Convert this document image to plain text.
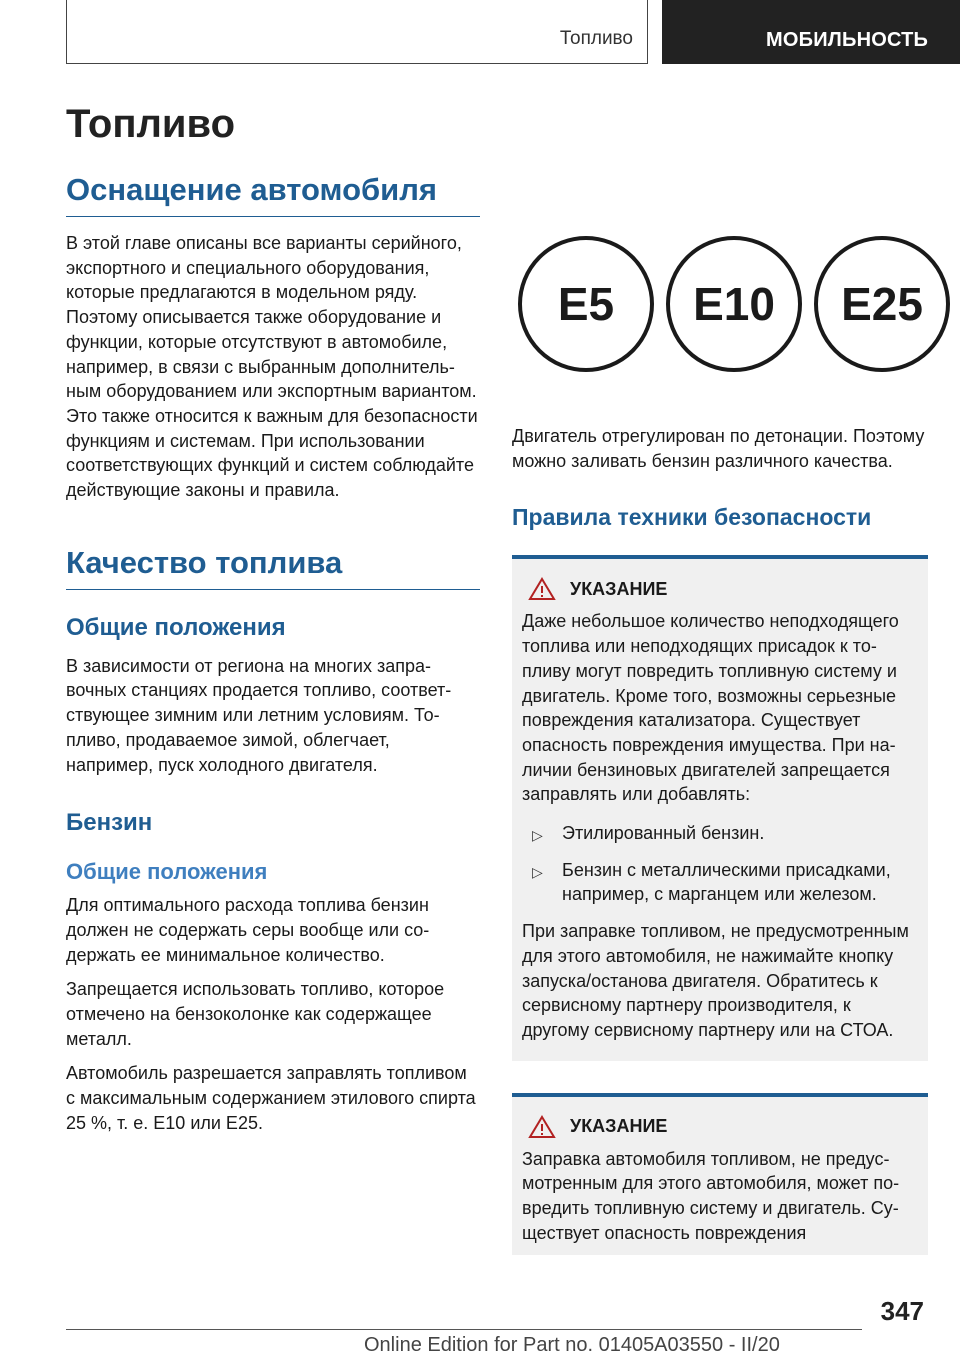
Топливо	МОБИЛЬНОСТЬ
Топливо
Оснащение автомобиля

В этой главе описаны все варианты серийного, экспортного и специального оборудования, которые предлагаются в модельном ряду. Поэтому описывается также оборудование и функции, которые отсутствуют в автомобиле, например, в связи с выбранным дополнительным оборудованием или экспортным вариантом. Это также относится к важным для безопасности функциям и системам. При использовании соответствующих функций и систем соблюдайте действующие законы и правила.

Качество топлива
Общие положения

В зависимости от региона на многих заправочных станциях продается топливо, соответствующее зимним или летним условиям. Топливо, продаваемое зимой, облегчает, например, пуск холодного двигателя.

Бензин
Общие положения

Для оптимального расхода топлива бензин должен не содержать серы вообще или содержать ее минимальное количество.

Запрещается использовать топливо, которое отмечено на бензоколонке как содержащее металл.

Автомобиль разрешается заправлять топливом с максимальным содержанием этилового спирта 25 %, т. е. E10 или E25.

E5	E10	E25

Двигатель отрегулирован по детонации. Поэтому можно заливать бензин различного качества.

Правила техники безопасности
УКАЗАНИЕ

Даже небольшое количество неподходящего топлива или неподходящих присадок к топливу могут повредить топливную систему и двигатель. Кроме того, возможны серьезные повреждения катализатора. Существует опасность повреждения имущества. При наличии бензиновых двигателей запрещается заправлять или добавлять:

▷	Этилированный бензин.
▷	Бензин с металлическими присадками, например, с марганцем или железом.

При заправке топливом, не предусмотренным для этого автомобиля, не нажимайте кнопку запуска/останова двигателя. Обратитесь к сервисному партнеру производителя, к другому сервисному партнеру или на СТОА.

УКАЗАНИЕ

Заправка автомобиля топливом, не предусмотренным для этого автомобиля, может повредить топливную систему и двигатель. Существует опасность повреждения

347
Online Edition for Part no. 01405A03550 - II/20
